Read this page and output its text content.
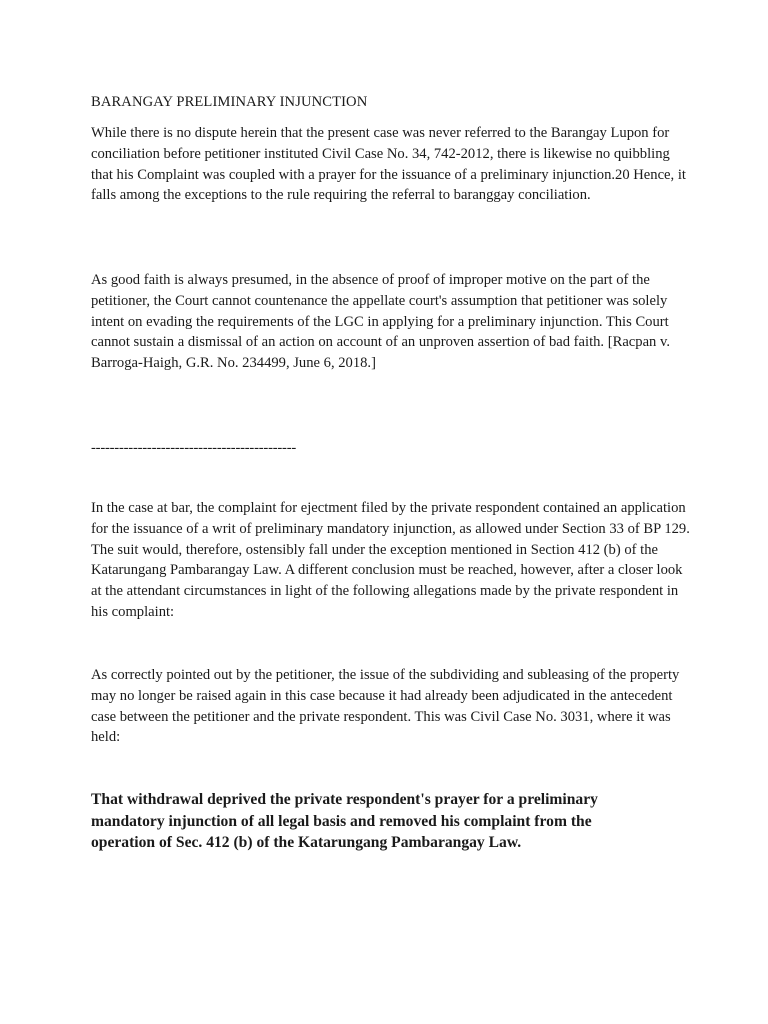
BARANGAY PRELIMINARY INJUNCTION

While there is no dispute herein that the present case was never referred to the Barangay Lupon for conciliation before petitioner instituted Civil Case No. 34, 742-2012, there is likewise no quibbling that his Complaint was coupled with a prayer for the issuance of a preliminary injunction.20 Hence, it falls among the exceptions to the rule requiring the referral to baranggay conciliation.

As good faith is always presumed, in the absence of proof of improper motive on the part of the petitioner, the Court cannot countenance the appellate court's assumption that petitioner was solely intent on evading the requirements of the LGC in applying for a preliminary injunction. This Court cannot sustain a dismissal of an action on account of an unproven assertion of bad faith. [Racpan v. Barroga-Haigh, G.R. No. 234499, June 6, 2018.]

--------------------------------------------

In the case at bar, the complaint for ejectment filed by the private respondent contained an application for the issuance of a writ of preliminary mandatory injunction, as allowed under Section 33 of BP 129. The suit would, therefore, ostensibly fall under the exception mentioned in Section 412 (b) of the Katarungang Pambarangay Law. A different conclusion must be reached, however, after a closer look at the attendant circumstances in light of the following allegations made by the private respondent in his complaint:

As correctly pointed out by the petitioner, the issue of the subdividing and subleasing of the property may no longer be raised again in this case because it had already been adjudicated in the antecedent case between the petitioner and the private respondent. This was Civil Case No. 3031, where it was held:

That withdrawal deprived the private respondent's prayer for a preliminary mandatory injunction of all legal basis and removed his complaint from the operation of Sec. 412 (b) of the Katarungang Pambarangay Law.
